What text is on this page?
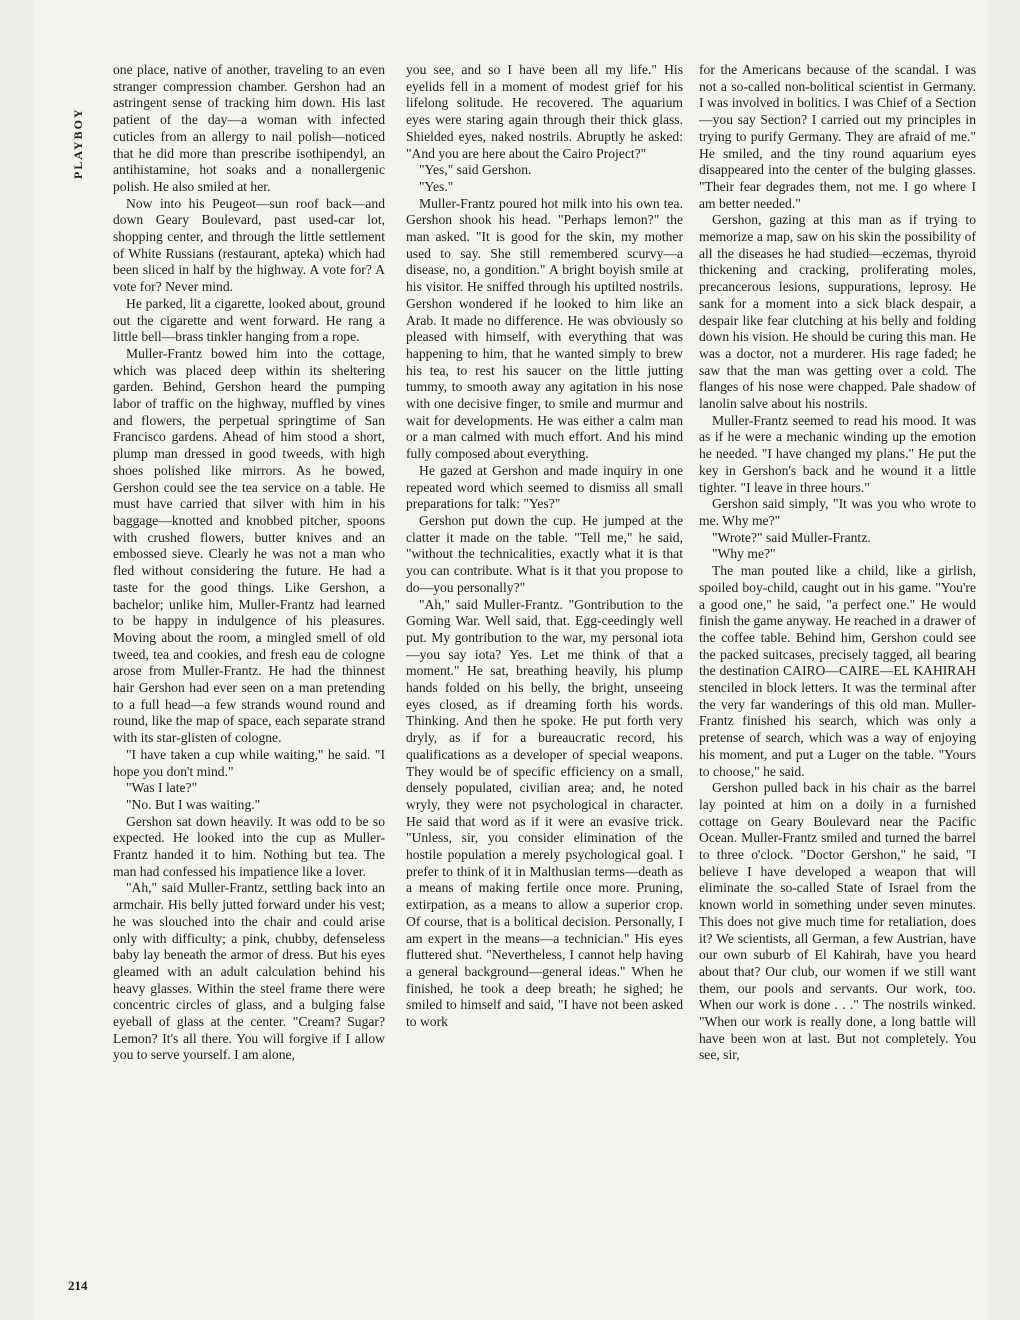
PLAYBOY
214

one place, native of another, traveling to an even stranger compression chamber. Gershon had an astringent sense of tracking him down. His last patient of the day—a woman with infected cuticles from an allergy to nail polish—noticed that he did more than prescribe isothipendyl, an antihistamine, hot soaks and a nonallergenic polish. He also smiled at her.

Now into his Peugeot—sun roof back—and down Geary Boulevard, past used-car lot, shopping center, and through the little settlement of White Russians (restaurant, apteka) which had been sliced in half by the highway. A vote for? A vote for? Never mind.

He parked, lit a cigarette, looked about, ground out the cigarette and went forward. He rang a little bell—brass tinkler hanging from a rope.

Muller-Frantz bowed him into the cottage, which was placed deep within its sheltering garden. Behind, Gershon heard the pumping labor of traffic on the highway, muffled by vines and flowers, the perpetual springtime of San Francisco gardens. Ahead of him stood a short, plump man dressed in good tweeds, with high shoes polished like mirrors. As he bowed, Gershon could see the tea service on a table. He must have carried that silver with him in his baggage—knotted and knobbed pitcher, spoons with crushed flowers, butter knives and an embossed sieve. Clearly he was not a man who fled without considering the future. He had a taste for the good things. Like Gershon, a bachelor; unlike him, Muller-Frantz had learned to be happy in indulgence of his pleasures. Moving about the room, a mingled smell of old tweed, tea and cookies, and fresh eau de cologne arose from Muller-Frantz. He had the thinnest hair Gershon had ever seen on a man pretending to a full head—a few strands wound round and round, like the map of space, each separate strand with its star-glisten of cologne.

"I have taken a cup while waiting," he said. "I hope you don't mind."

"Was I late?"

"No. But I was waiting."

Gershon sat down heavily. It was odd to be so expected. He looked into the cup as Muller-Frantz handed it to him. Nothing but tea. The man had confessed his impatience like a lover.

"Ah," said Muller-Frantz, settling back into an armchair. His belly jutted forward under his vest; he was slouched into the chair and could arise only with difficulty; a pink, chubby, defenseless baby lay beneath the armor of dress. But his eyes gleamed with an adult calculation behind his heavy glasses. Within the steel frame there were concentric circles of glass, and a bulging false eyeball of glass at the center. "Cream? Sugar? Lemon? It's all there. You will forgive if I allow you to serve yourself. I am alone,

you see, and so I have been all my life." His eyelids fell in a moment of modest grief for his lifelong solitude. He recovered. The aquarium eyes were staring again through their thick glass. Shielded eyes, naked nostrils. Abruptly he asked: "And you are here about the Cairo Project?"

"Yes," said Gershon.

"Yes."

Muller-Frantz poured hot milk into his own tea. Gershon shook his head. "Perhaps lemon?" the man asked. "It is good for the skin, my mother used to say. She still remembered scurvy—a disease, no, a gondition." A bright boyish smile at his visitor. He sniffed through his uptilted nostrils. Gershon wondered if he looked to him like an Arab. It made no difference. He was obviously so pleased with himself, with everything that was happening to him, that he wanted simply to brew his tea, to rest his saucer on the little jutting tummy, to smooth away any agitation in his nose with one decisive finger, to smile and murmur and wait for developments. He was either a calm man or a man calmed with much effort. And his mind fully composed about everything.

He gazed at Gershon and made inquiry in one repeated word which seemed to dismiss all small preparations for talk: "Yes?"

Gershon put down the cup. He jumped at the clatter it made on the table. "Tell me," he said, "without the technicalities, exactly what it is that you can contribute. What is it that you propose to do—you personally?"

"Ah," said Muller-Frantz. "Gontribution to the Goming War. Well said, that. Egg-ceedingly well put. My gontribution to the war, my personal iota—you say iota? Yes. Let me think of that a moment." He sat, breathing heavily, his plump hands folded on his belly, the bright, unseeing eyes closed, as if dreaming forth his words. Thinking. And then he spoke. He put forth very dryly, as if for a bureaucratic record, his qualifications as a developer of special weapons. They would be of specific efficiency on a small, densely populated, civilian area; and, he noted wryly, they were not psychological in character. He said that word as if it were an evasive trick. "Unless, sir, you consider elimination of the hostile population a merely psychological goal. I prefer to think of it in Malthusian terms—death as a means of making fertile once more. Pruning, extirpation, as a means to allow a superior crop. Of course, that is a bolitical decision. Personally, I am expert in the means—a technician." His eyes fluttered shut. "Nevertheless, I cannot help having a general background—general ideas." When he finished, he took a deep breath; he sighed; he smiled to himself and said, "I have not been asked to work

for the Americans because of the scandal. I was not a so-called non-bolitical scientist in Germany. I was involved in bolitics. I was Chief of a Section—you say Section? I carried out my principles in trying to purify Germany. They are afraid of me." He smiled, and the tiny round aquarium eyes disappeared into the center of the bulging glasses. "Their fear degrades them, not me. I go where I am better needed."

Gershon, gazing at this man as if trying to memorize a map, saw on his skin the possibility of all the diseases he had studied—eczemas, thyroid thickening and cracking, proliferating moles, precancerous lesions, suppurations, leprosy. He sank for a moment into a sick black despair, a despair like fear clutching at his belly and folding down his vision. He should be curing this man. He was a doctor, not a murderer. His rage faded; he saw that the man was getting over a cold. The flanges of his nose were chapped. Pale shadow of lanolin salve about his nostrils.

Muller-Frantz seemed to read his mood. It was as if he were a mechanic winding up the emotion he needed. "I have changed my plans." He put the key in Gershon's back and he wound it a little tighter. "I leave in three hours."

Gershon said simply, "It was you who wrote to me. Why me?"

"Wrote?" said Muller-Frantz.

"Why me?"

The man pouted like a child, like a girlish, spoiled boy-child, caught out in his game. "You're a good one," he said, "a perfect one." He would finish the game anyway. He reached in a drawer of the coffee table. Behind him, Gershon could see the packed suitcases, precisely tagged, all bearing the destination CAIRO—CAIRE—EL KAHIRAH stenciled in block letters. It was the terminal after the very far wanderings of this old man. Muller-Frantz finished his search, which was only a pretense of search, which was a way of enjoying his moment, and put a Luger on the table. "Yours to choose," he said.

Gershon pulled back in his chair as the barrel lay pointed at him on a doily in a furnished cottage on Geary Boulevard near the Pacific Ocean. Muller-Frantz smiled and turned the barrel to three o'clock. "Doctor Gershon," he said, "I believe I have developed a weapon that will eliminate the so-called State of Israel from the known world in something under seven minutes. This does not give much time for retaliation, does it? We scientists, all German, a few Austrian, have our own suburb of El Kahirah, have you heard about that? Our club, our women if we still want them, our pools and servants. Our work, too. When our work is done . . ." The nostrils winked. "When our work is really done, a long battle will have been won at last. But not completely. You see, sir,
